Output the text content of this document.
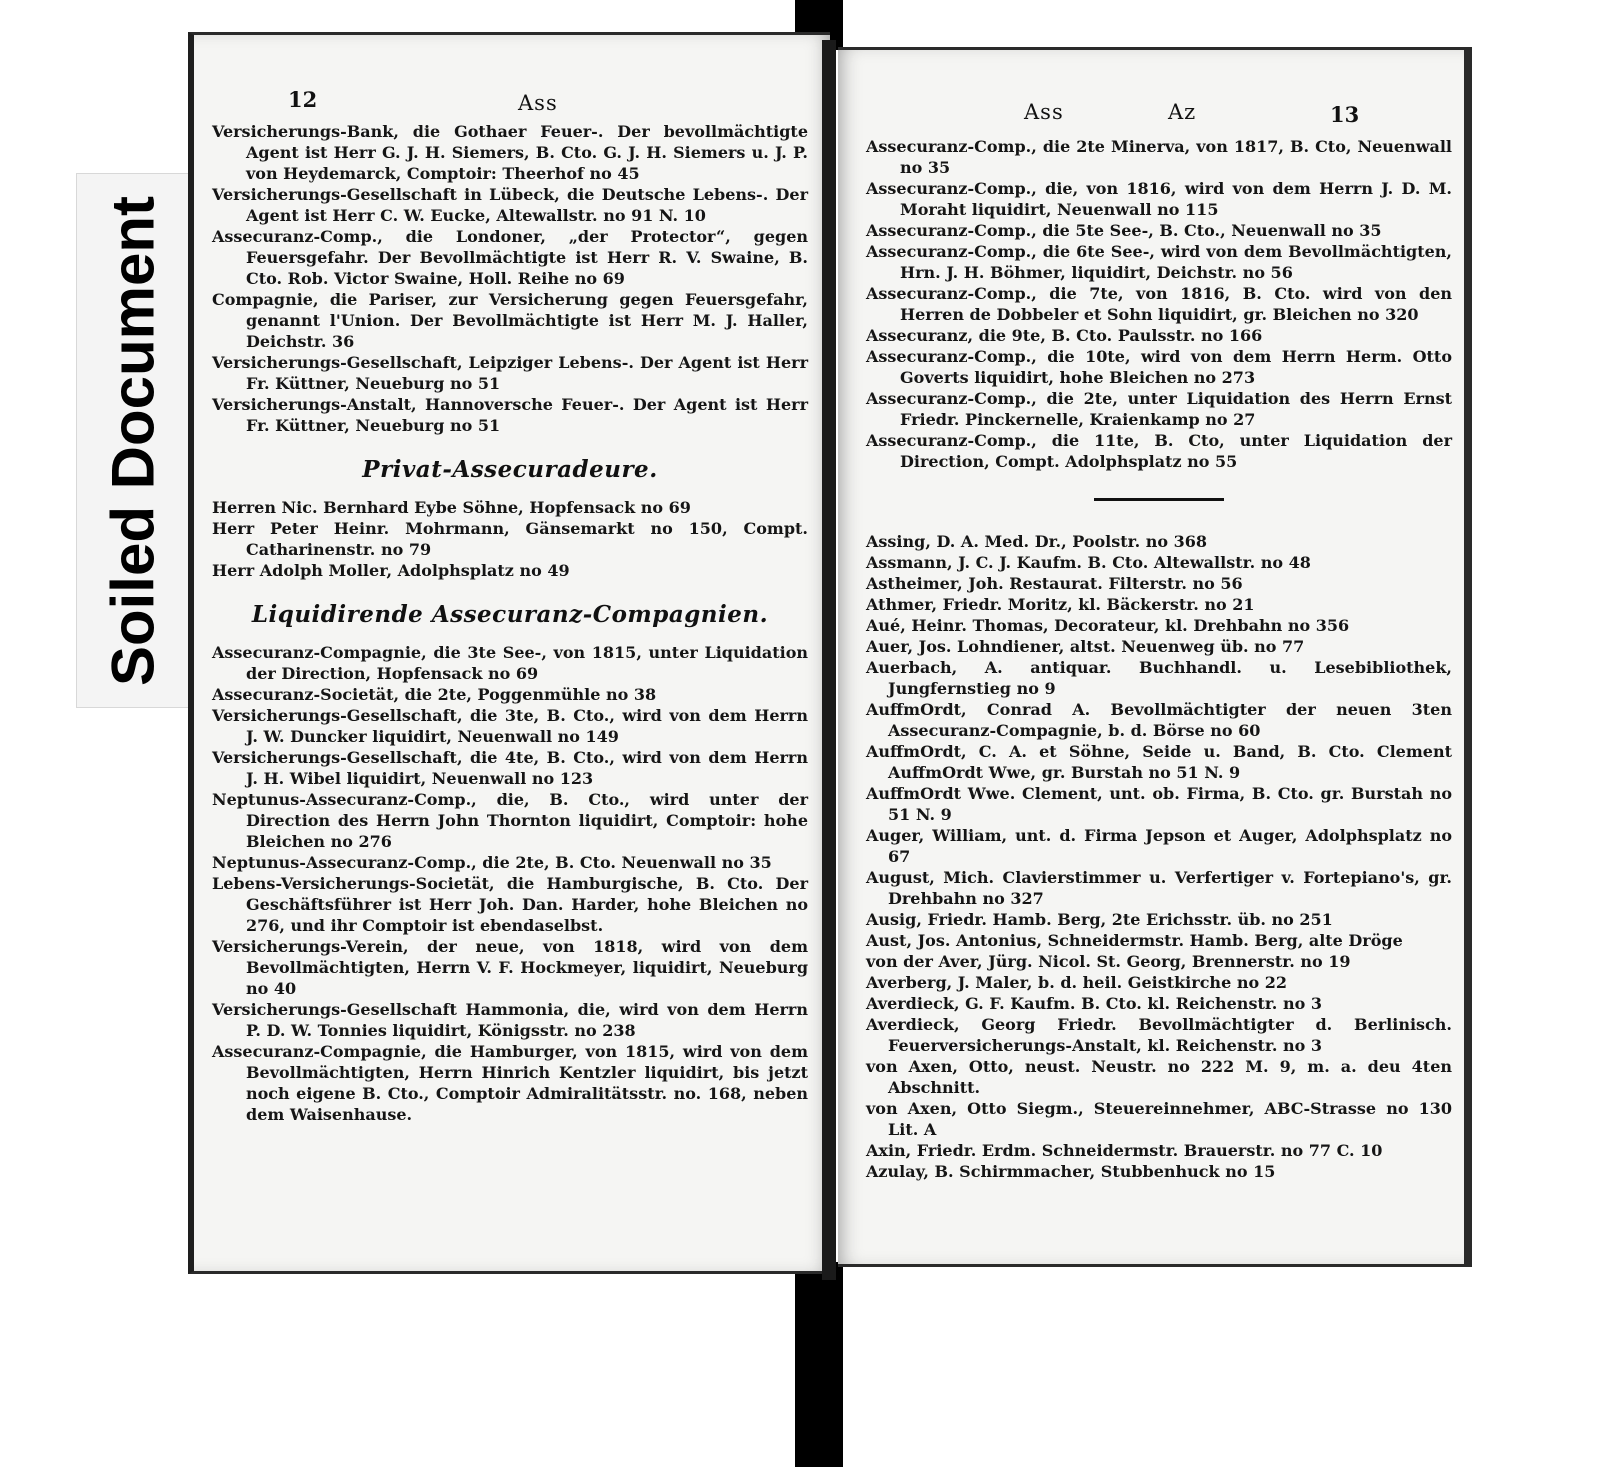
Soiled Document
12	Ass

Versicherungs-Bank, die Gothaer Feuer-. Der bevollmächtigte Agent ist Herr G. J. H. Siemers, B. Cto. G. J. H. Siemers u. J. P. von Heydemarck, Comptoir: Theerhof no 45

Versicherungs-Gesellschaft in Lübeck, die Deutsche Lebens-. Der Agent ist Herr C. W. Eucke, Altewallstr. no 91 N. 10

Assecuranz-Comp., die Londoner, „der Protector“, gegen Feuersgefahr. Der Bevollmächtigte ist Herr R. V. Swaine, B. Cto. Rob. Victor Swaine, Holl. Reihe no 69

Compagnie, die Pariser, zur Versicherung gegen Feuersgefahr, genannt l'Union. Der Bevollmächtigte ist Herr M. J. Haller, Deichstr. 36

Versicherungs-Gesellschaft, Leipziger Lebens-. Der Agent ist Herr Fr. Küttner, Neueburg no 51

Versicherungs-Anstalt, Hannoversche Feuer-. Der Agent ist Herr Fr. Küttner, Neueburg no 51

Privat-Assecuradeure.

Herren Nic. Bernhard Eybe Söhne, Hopfensack no 69

Herr Peter Heinr. Mohrmann, Gänsemarkt no 150, Compt. Catharinenstr. no 79

Herr Adolph Moller, Adolphsplatz no 49

Liquidirende Assecuranz-Compagnien.

Assecuranz-Compagnie, die 3te See-, von 1815, unter Liquidation der Direction, Hopfensack no 69

Assecuranz-Societät, die 2te, Poggenmühle no 38

Versicherungs-Gesellschaft, die 3te, B. Cto., wird von dem Herrn J. W. Duncker liquidirt, Neuenwall no 149

Versicherungs-Gesellschaft, die 4te, B. Cto., wird von dem Herrn J. H. Wibel liquidirt, Neuenwall no 123

Neptunus-Assecuranz-Comp., die, B. Cto., wird unter der Direction des Herrn John Thornton liquidirt, Comptoir: hohe Bleichen no 276

Neptunus-Assecuranz-Comp., die 2te, B. Cto. Neuenwall no 35

Lebens-Versicherungs-Societät, die Hamburgische, B. Cto. Der Geschäftsführer ist Herr Joh. Dan. Harder, hohe Bleichen no 276, und ihr Comptoir ist ebendaselbst.

Versicherungs-Verein, der neue, von 1818, wird von dem Bevollmächtigten, Herrn V. F. Hockmeyer, liquidirt, Neueburg no 40

Versicherungs-Gesellschaft Hammonia, die, wird von dem Herrn P. D. W. Tonnies liquidirt, Königsstr. no 238

Assecuranz-Compagnie, die Hamburger, von 1815, wird von dem Bevollmächtigten, Herrn Hinrich Kentzler liquidirt, bis jetzt noch eigene B. Cto., Comptoir Admiralitätsstr. no. 168, neben dem Waisenhause.

Ass	Az	13

Assecuranz-Comp., die 2te Minerva, von 1817, B. Cto, Neuenwall no 35

Assecuranz-Comp., die, von 1816, wird von dem Herrn J. D. M. Moraht liquidirt, Neuenwall no 115

Assecuranz-Comp., die 5te See-, B. Cto., Neuenwall no 35

Assecuranz-Comp., die 6te See-, wird von dem Bevollmächtigten, Hrn. J. H. Böhmer, liquidirt, Deichstr. no 56

Assecuranz-Comp., die 7te, von 1816, B. Cto. wird von den Herren de Dobbeler et Sohn liquidirt, gr. Bleichen no 320

Assecuranz, die 9te, B. Cto. Paulsstr. no 166

Assecuranz-Comp., die 10te, wird von dem Herrn Herm. Otto Goverts liquidirt, hohe Bleichen no 273

Assecuranz-Comp., die 2te, unter Liquidation des Herrn Ernst Friedr. Pinckernelle, Kraienkamp no 27

Assecuranz-Comp., die 11te, B. Cto, unter Liquidation der Direction, Compt. Adolphsplatz no 55

Assing, D. A. Med. Dr., Poolstr. no 368

Assmann, J. C. J. Kaufm. B. Cto. Altewallstr. no 48

Astheimer, Joh. Restaurat. Filterstr. no 56

Athmer, Friedr. Moritz, kl. Bäckerstr. no 21

Aué, Heinr. Thomas, Decorateur, kl. Drehbahn no 356

Auer, Jos. Lohndiener, altst. Neuenweg üb. no 77

Auerbach, A. antiquar. Buchhandl. u. Lesebibliothek, Jungfernstieg no 9

AuffmOrdt, Conrad A. Bevollmächtigter der neuen 3ten Assecuranz-Compagnie, b. d. Börse no 60

AuffmOrdt, C. A. et Söhne, Seide u. Band, B. Cto. Clement AuffmOrdt Wwe, gr. Burstah no 51 N. 9

AuffmOrdt Wwe. Clement, unt. ob. Firma, B. Cto. gr. Burstah no 51 N. 9

Auger, William, unt. d. Firma Jepson et Auger, Adolphsplatz no 67

August, Mich. Clavierstimmer u. Verfertiger v. Fortepiano's, gr. Drehbahn no 327

Ausig, Friedr. Hamb. Berg, 2te Erichsstr. üb. no 251

Aust, Jos. Antonius, Schneidermstr. Hamb. Berg, alte Dröge

von der Aver, Jürg. Nicol. St. Georg, Brennerstr. no 19

Averberg, J. Maler, b. d. heil. Geistkirche no 22

Averdieck, G. F. Kaufm. B. Cto. kl. Reichenstr. no 3

Averdieck, Georg Friedr. Bevollmächtigter d. Berlinisch. Feuerversicherungs-Anstalt, kl. Reichenstr. no 3

von Axen, Otto, neust. Neustr. no 222 M. 9, m. a. deu 4ten Abschnitt.

von Axen, Otto Siegm., Steuereinnehmer, ABC-Strasse no 130 Lit. A

Axin, Friedr. Erdm. Schneidermstr. Brauerstr. no 77 C. 10

Azulay, B. Schirmmacher, Stubbenhuck no 15
